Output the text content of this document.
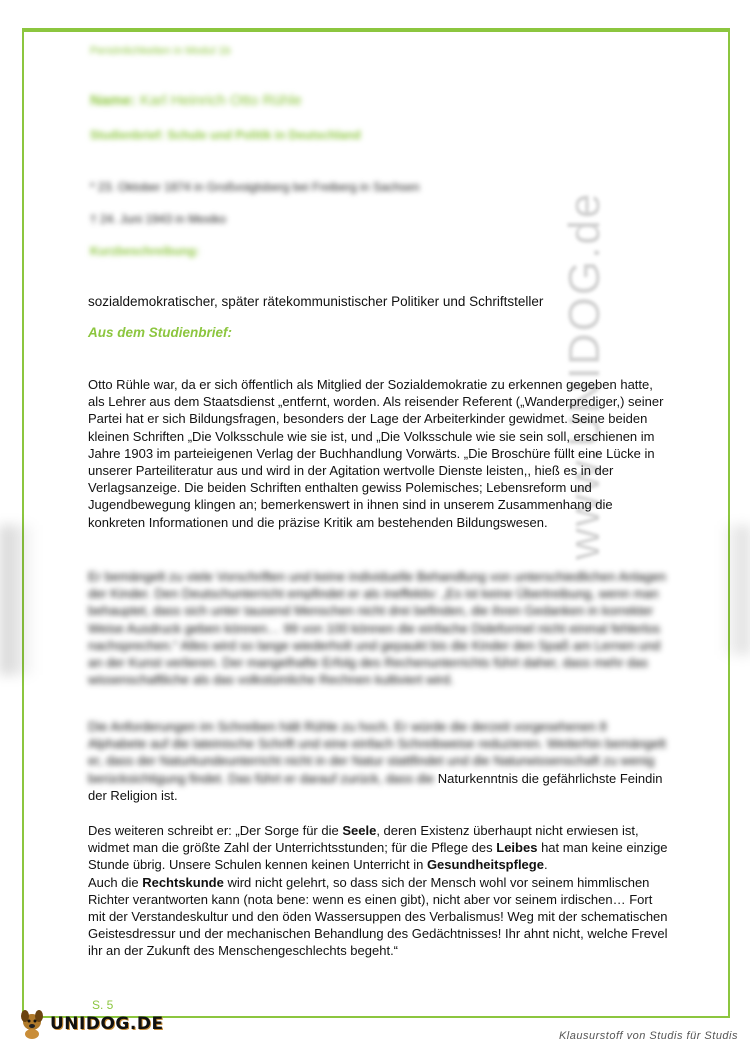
www.UNIDOG.de
Persönlichkeiten in Modul 1b
Name: Karl Heinrich Otto Rühle
Studienbrief: Schule und Politik in Deutschland
* 23. Oktober 1874 in Großvoigtsberg bei Freiberg in Sachsen
† 24. Juni 1943 in Mexiko
Kurzbeschreibung:
sozialdemokratischer, später rätekommunistischer Politiker und Schriftsteller
Aus dem Studienbrief:
Otto Rühle war, da er sich öffentlich als Mitglied der Sozialdemokratie zu erkennen gegeben hatte, als Lehrer aus dem Staatsdienst „entfernt, worden. Als reisender Referent („Wanderprediger,) seiner Partei hat er sich Bildungsfragen, besonders der Lage der Arbeiterkinder gewidmet. Seine beiden kleinen Schriften „Die Volksschule wie sie ist, und „Die Volksschule wie sie sein soll, erschienen im Jahre 1903 im parteieigenen Verlag der Buchhandlung Vorwärts. „Die Broschüre füllt eine Lücke in unserer Parteiliteratur aus und wird in der Agitation wertvolle Dienste leisten,, hieß es in der Verlagsanzeige. Die beiden Schriften enthalten gewiss Polemisches; Lebensreform und Jugendbewegung klingen an; bemerkenswert in ihnen sind in unserem Zusammenhang die konkreten Informationen und die präzise Kritik am bestehenden Bildungswesen.
Er bemängelt zu viele Vorschriften und keine individuelle Behandlung von unterschiedlichen Anlagen der Kinder. Den Deutschunterricht empfindet er als ineffektiv: „Es ist keine Übertreibung, wenn man behauptet, dass sich unter tausend Menschen nicht drei befinden, die ihren Gedanken in korrekter Weise Ausdruck geben können… 99 von 100 können die einfache Dideformel nicht einmal fehlerlos nachsprechen.“ Alles wird so lange wiederholt und gepaukt bis die Kinder den Spaß am Lernen und an der Kunst verlieren. Der mangelhafte Erfolg des Rechenunterrichts führt daher, dass mehr das wissenschaftliche als das volkstümliche Rechnen kultiviert wird.
Die Anforderungen im Schreiben hält Rühle zu hoch. Er würde die derzeit vorgesehenen 8 Alphabete auf die lateinische Schrift und eine einfach Schreibweise reduzieren. Weiterhin bemängelt er, dass der Naturkundeunterricht nicht in der Natur stattfindet und die Naturwissenschaft zu wenig berücksichtigung findet. Das führt er darauf zurück, dass die Naturkenntnis die gefährlichste Feindin der Religion ist.
Des weiteren schreibt er: „Der Sorge für die Seele, deren Existenz überhaupt nicht erwiesen ist, widmet man die größte Zahl der Unterrichtsstunden; für die Pflege des Leibes hat man keine einzige Stunde übrig. Unsere Schulen kennen keinen Unterricht in Gesundheitspflege.
Auch die Rechtskunde wird nicht gelehrt, so dass sich der Mensch wohl vor seinem himmlischen Richter verantworten kann (nota bene: wenn es einen gibt), nicht aber vor seinem irdischen… Fort mit der Verstandeskultur und den öden Wassersuppen des Verbalismus! Weg mit der schematischen Geistesdressur und der mechanischen Behandlung des Gedächtnisses! Ihr ahnt nicht, welche Frevel ihr an der Zukunft des Menschengeschlechts begeht.“
S. 5
UNIDOG.DE
Klausurstoff von Studis für Studis
